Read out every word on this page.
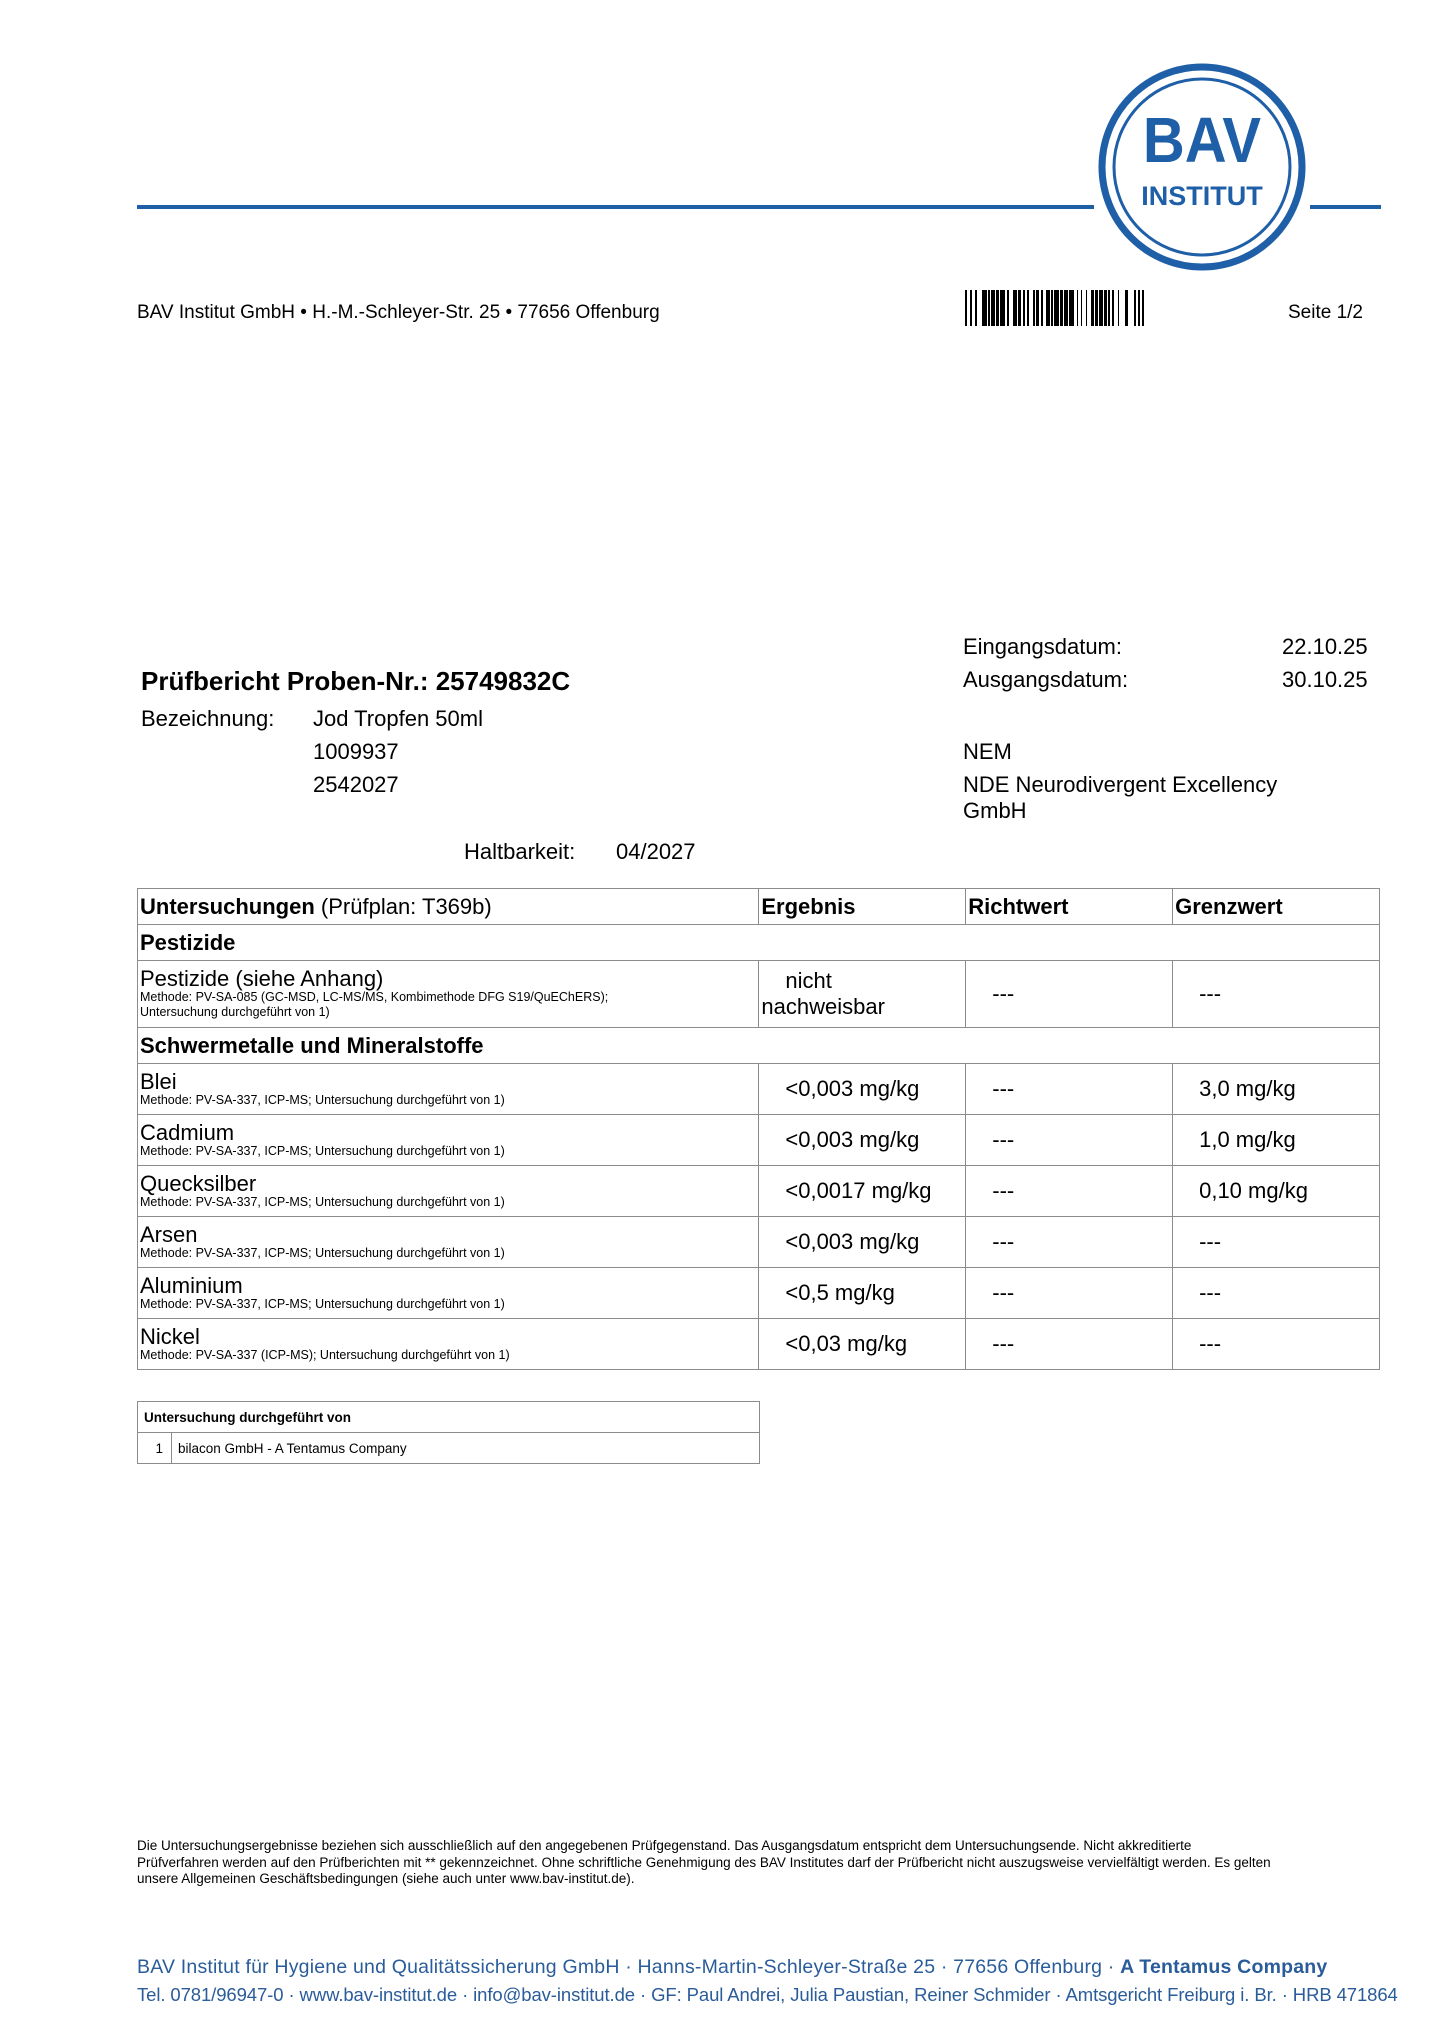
BAV
INSTITUT
BAV Institut GmbH • H.-M.-Schleyer-Str. 25 • 77656 Offenburg	Seite 1/2
Prüfbericht Proben-Nr.: 25749832C
Bezeichnung: Jod Tropfen 50ml
1009937
2542027
Haltbarkeit: 04/2027
Eingangsdatum:	22.10.25
Ausgangsdatum:	30.10.25
NEM
NDE Neurodivergent Excellency
GmbH
Untersuchungen (Prüfplan: T369b)	Ergebnis	Richtwert	Grenzwert
Pestizide			

Pestizide (siehe Anhang)
Methode: PV-SA-085 (GC-MSD, LC-MS/MS, Kombimethode DFG S19/QuEChERS);
Untersuchung durchgeführt von 1)	nicht
nachweisbar	---	---
Schwermetalle und Mineralstoffe			

Blei
Methode: PV-SA-337, ICP-MS; Untersuchung durchgeführt von 1)	<0,003 mg/kg	---	3,0 mg/kg

Cadmium
Methode: PV-SA-337, ICP-MS; Untersuchung durchgeführt von 1)	<0,003 mg/kg	---	1,0 mg/kg

Quecksilber
Methode: PV-SA-337, ICP-MS; Untersuchung durchgeführt von 1)	<0,0017 mg/kg	---	0,10 mg/kg

Arsen
Methode: PV-SA-337, ICP-MS; Untersuchung durchgeführt von 1)	<0,003 mg/kg	---	---

Aluminium
Methode: PV-SA-337, ICP-MS; Untersuchung durchgeführt von 1)	<0,5 mg/kg	---	---

Nickel
Methode: PV-SA-337 (ICP-MS); Untersuchung durchgeführt von 1)	<0,03 mg/kg	---	---
Untersuchung durchgeführt von
1	bilacon GmbH - A Tentamus Company
Die Untersuchungsergebnisse beziehen sich ausschließlich auf den angegebenen Prüfgegenstand. Das Ausgangsdatum entspricht dem Untersuchungsende. Nicht akkreditierte
Prüfverfahren werden auf den Prüfberichten mit ** gekennzeichnet. Ohne schriftliche Genehmigung des BAV Institutes darf der Prüfbericht nicht auszugsweise vervielfältigt werden. Es gelten
unsere Allgemeinen Geschäftsbedingungen (siehe auch unter www.bav-institut.de).
BAV Institut für Hygiene und Qualitätssicherung GmbH · Hanns-Martin-Schleyer-Straße 25 · 77656 Offenburg · A Tentamus Company
Tel. 0781/96947-0 · www.bav-institut.de · info@bav-institut.de · GF: Paul Andrei, Julia Paustian, Reiner Schmider · Amtsgericht Freiburg i. Br. · HRB 471864
